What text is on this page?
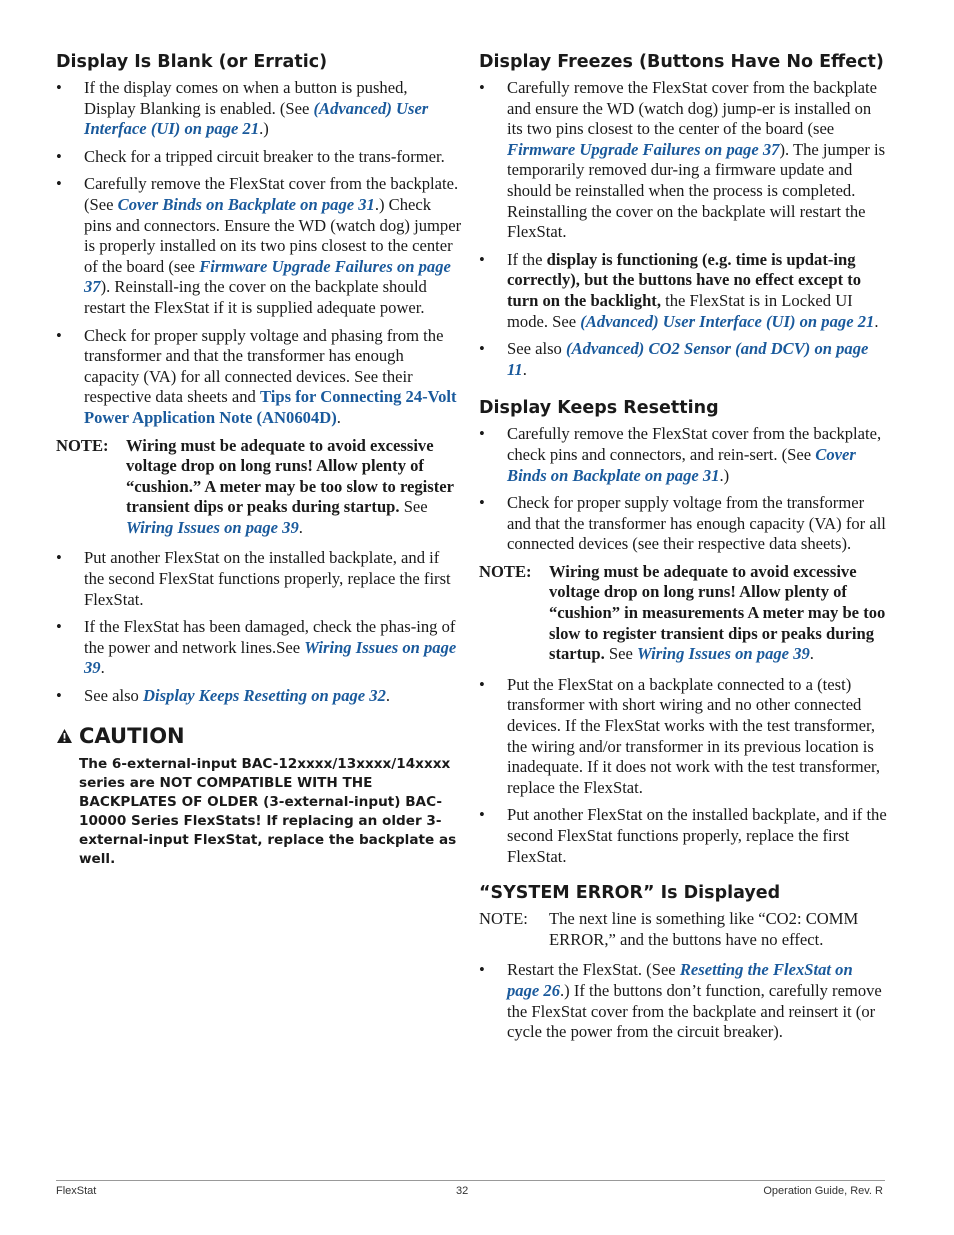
Display Is Blank (or Erratic)
• If the display comes on when a button is pushed, Display Blanking is enabled. (See (Advanced) User Interface (UI) on page 21.)
• Check for a tripped circuit breaker to the trans-former.
• Carefully remove the FlexStat cover from the backplate. (See Cover Binds on Backplate on page 31.) Check pins and connectors. Ensure the WD (watch dog) jumper is properly installed on its two pins closest to the center of the board (see Firmware Upgrade Failures on page 37). Reinstall-ing the cover on the backplate should restart the FlexStat if it is supplied adequate power.
• Check for proper supply voltage and phasing from the transformer and that the transformer has enough capacity (VA) for all connected devices. See their respective data sheets and Tips for Connecting 24-Volt Power Application Note (AN0604D).
NOTE:	Wiring must be adequate to avoid excessive voltage drop on long runs! Allow plenty of “cushion.” A meter may be too slow to register transient dips or peaks during startup. See Wiring Issues on page 39.
• Put another FlexStat on the installed backplate, and if the second FlexStat functions properly, replace the first FlexStat.
• If the FlexStat has been damaged, check the phas-ing of the power and network lines.See Wiring Issues on page 39.
• See also Display Keeps Resetting on page 32.
CAUTION
The 6-external-input BAC-12xxxx/13xxxx/14xxxx series are NOT COMPATIBLE WITH THE BACKPLATES OF OLDER (3-external-input) BAC-10000 Series FlexStats! If replacing an older 3-external-input FlexStat, replace the backplate as well.
Display Freezes (Buttons Have No Effect)
• Carefully remove the FlexStat cover from the backplate and ensure the WD (watch dog) jump-er is installed on its two pins closest to the center of the board (see Firmware Upgrade Failures on page 37). The jumper is temporarily removed dur-ing a firmware update and should be reinstalled when the process is completed. Reinstalling the cover on the backplate will restart the FlexStat.
• If the display is functioning (e.g. time is updat-ing correctly), but the buttons have no effect except to turn on the backlight, the FlexStat is in Locked UI mode. See (Advanced) User Interface (UI) on page 21.
• See also (Advanced) CO2 Sensor (and DCV) on page 11.
Display Keeps Resetting
• Carefully remove the FlexStat cover from the backplate, check pins and connectors, and rein-sert. (See Cover Binds on Backplate on page 31.)
• Check for proper supply voltage from the transformer and that the transformer has enough capacity (VA) for all connected devices (see their respective data sheets).
NOTE:	Wiring must be adequate to avoid excessive voltage drop on long runs! Allow plenty of “cushion” in measurements A meter may be too slow to register transient dips or peaks during startup. See Wiring Issues on page 39.
• Put the FlexStat on a backplate connected to a (test) transformer with short wiring and no other connected devices. If the FlexStat works with the test transformer, the wiring and/or transformer in its previous location is inadequate. If it does not work with the test transformer, replace the FlexStat.
• Put another FlexStat on the installed backplate, and if the second FlexStat functions properly, replace the first FlexStat.
“SYSTEM ERROR” Is Displayed
NOTE:	The next line is something like “CO2: COMM ERROR,” and the buttons have no effect.
• Restart the FlexStat. (See Resetting the FlexStat on page 26.) If the buttons don’t function, carefully remove the FlexStat cover from the backplate and reinsert it (or cycle the power from the circuit breaker).
FlexStat	32	Operation Guide, Rev. R
